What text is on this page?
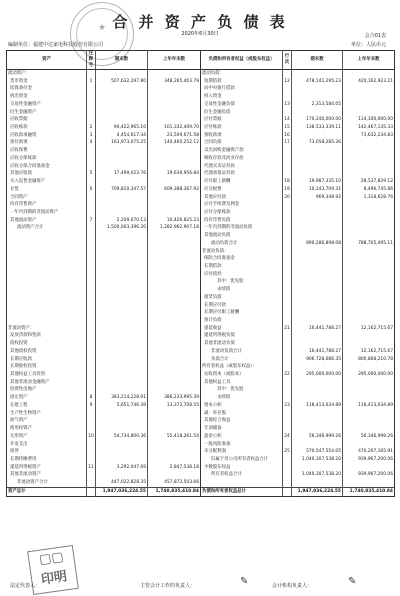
合 并 资 产 负 债 表
2020年6月30日	会合01表
编制单位：福建中达家电科技股份有限公司	单位：人民币元
★
资产	注释号	期末数	上年年末数	负债和所有者权益（或股东权益）	行次	期末数	上年年末数
流动资产：				流动负债：			
货币资金	1	507,632,297.80	348,265,403.79	短期借款	12	478,141,295.23	420,162,923.21
结算备付金				向中央银行借款			
拆出资金				拆入资金			
交易性金融资产				交易性金融负债	13	2,313,584.05	
衍生金融资产				衍生金融负债			
应收票据				应付票据	14	170,240,000.00	114,100,000.00
应收账款	2	94,422,965.10	101,332,409.70	应付账款	15	138,533,339.11	142,467,135.33
应收款项融资	3	4,454,617.34	23,509,671.58	预收款项	16		73,632,234.83
预付款项	4	163,973,075.25	140,460,252.12	合同负债	17	73,058,285.36	
应收保费				卖出回购金融资产款			
应收分保账款				吸收存款及同业存放			
应收分保合同准备金				代理买卖证券款			
其他应收款	5	17,499,023.76	19,639,956.84	代理承销证券款			
买入返售金融资产				应付职工薪酬	18	19,987,335.10	28,537,829.12
存货	6	709,810,347.57	609,388,367.92	应交税费	19	10,243,709.31	8,496,745.86
合同资产				其他应付款	20	969,348.92	1,318,628.76
持有待售资产				应付手续费及佣金			
一年内到期的非流动资产				应付分保账款			
其他流动资产	7	2,209,070.13	10,426,825.23	持有待售负债			
流动资产合计		1,500,003,396.20	1,282,962,907.18	一年内到期的非流动负债			
				其他流动负债			
				流动负债合计		890,286,898.08	788,705,495.11
				非流动负债：			
				保险合同准备金			
				长期借款			
				应付债券			
				其中：优先股			
				永续债			
				租赁负债			
				长期应付款			
				长期应付职工薪酬			
				预计负债			
非流动资产：				递延收益	21	16,441,788.27	12,162,715.67
发放贷款和垫款				递延所得税负债			
债权投资				其他非流动负债			
其他债权投资				非流动负债合计		16,441,788.27	12,162,715.67
长期应收款				负债合计		906,728,686.35	800,868,210.78
长期股权投资				所有者权益（或股东权益）：			
其他权益工具投资				实收资本（或股本）	22	295,000,000.00	295,000,000.00
其他非流动金融资产				其他权益工具			
投资性房地产				其中：优先股			
固定资产	8	383,214,228.91	386,233,995.39	永续债			
在建工程	9	5,651,746.39	13,372,708.55	资本公积	23	118,413,034.89	118,413,034.89
生产性生物资产				减：库存股			
油气资产				其他综合收益			
使用权资产				专项储备			
无形资产	10	54,734,800.36	55,418,261.54	盈余公积	24	56,346,999.26	56,346,999.26
开发支出				一般风险准备			
商誉				未分配利润	25	570,547,554.05	470,207,165.91
长期待摊费用				归属于母公司所有者权益合计		1,040,307,538.20	939,967,200.06
递延所得税资产	11	3,292,047.69	2,847,538.18	少数股东权益			
其他非流动资产				所有者权益合计		1,040,307,538.20	939,967,200.06
非流动资产合计		447,022,828.35	457,872,503.66				
资产总计		1,947,036,224.55	1,740,835,410.84	负债和所有者权益总计		1,947,036,224.55	1,740,835,410.84
▢▢
印明	✎	✎
法定代表人：	主管会计工作的负责人：	会计机构负责人：
